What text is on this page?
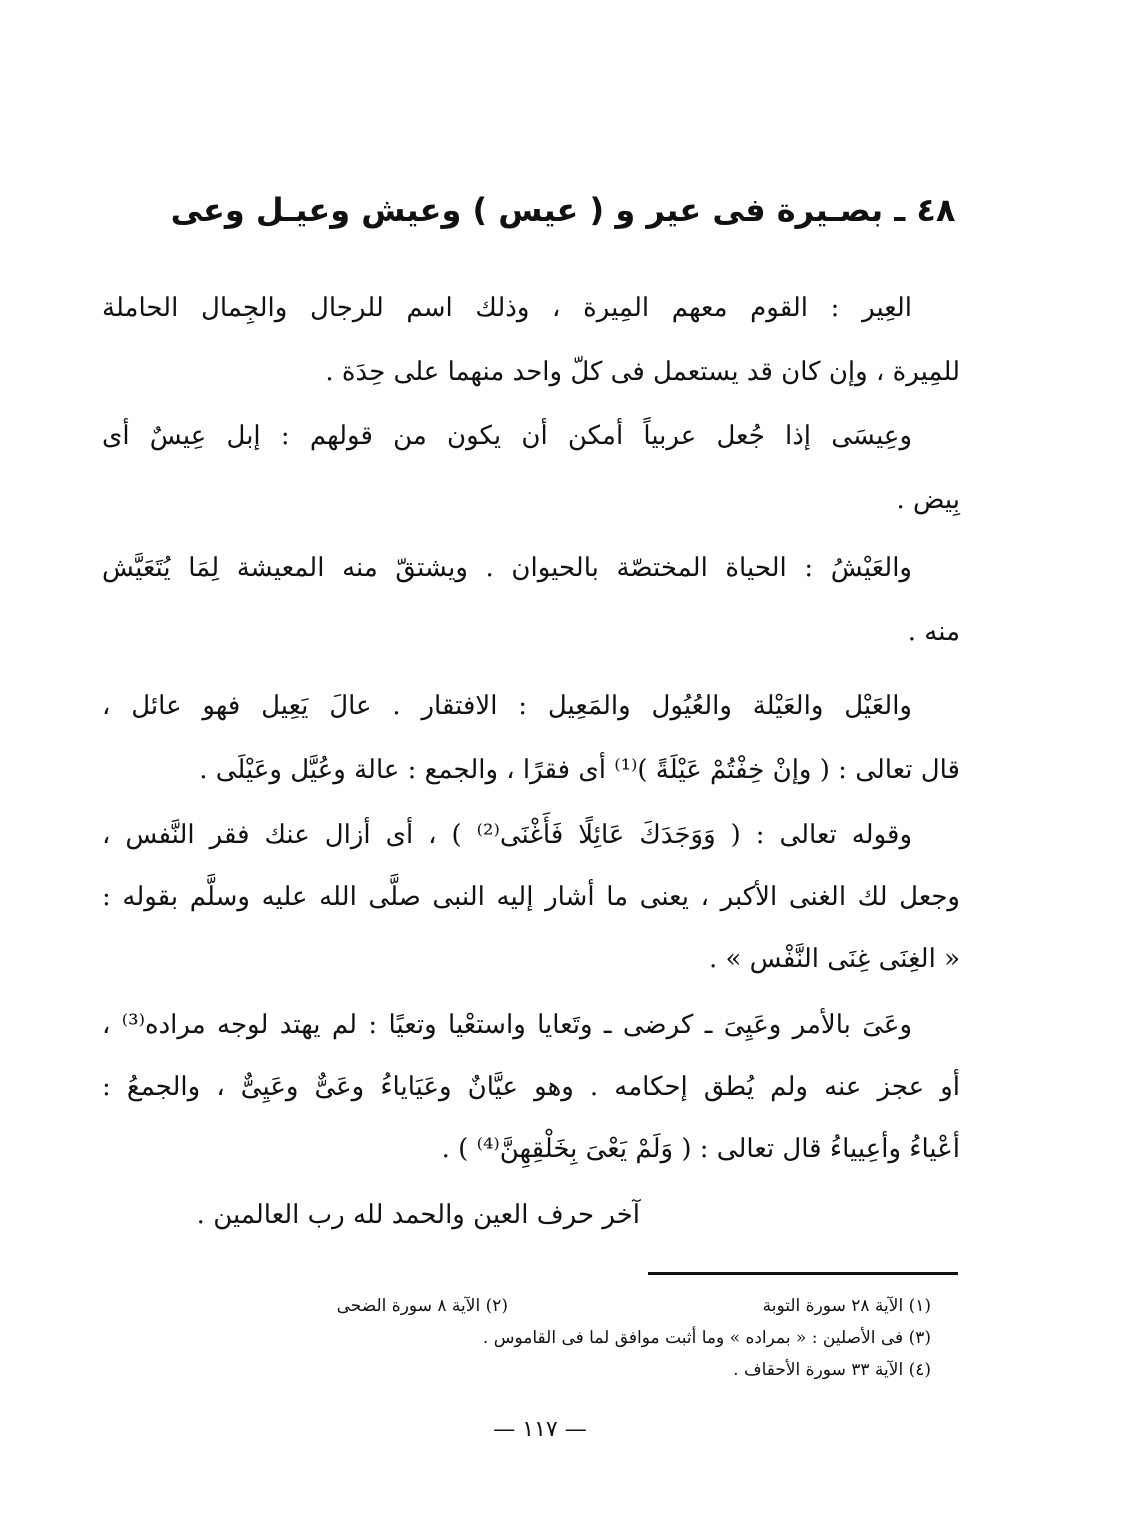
٤٨ ـ بصـيرة فى عير و ( عيس ) وعيش وعيـل وعى
العِير : القوم معهم المِيرة ، وذلك اسم للرجال والجِمال الحاملة
للمِيرة ، وإن كان قد يستعمل فى كلّ واحد منهما على حِدَة .
وعِيسَى إذا جُعل عربياً أمكن أن يكون من قولهم : إبل عِيسٌ أى
بِيض .
والعَيْشُ : الحياة المختصّة بالحيوان . ويشتقّ منه المعيشة لِمَا يُتَعَيَّش
منه .
والعَيْل والعَيْلة والعُيُول والمَعِيل : الافتقار . عالَ يَعِيل فهو عائل ،
قال تعالى : ( وإنْ خِفْتُمْ عَيْلَةً )⁽¹⁾ أى فقرًا ، والجمع : عالة وعُيَّل وعَيْلَى .
وقوله تعالى : ( وَوَجَدَكَ عَائِلًا فَأَغْنَى⁽²⁾ ) ، أى أزال عنك فقر النَّفس ،
وجعل لك الغنى الأكبر ، يعنى ما أشار إليه النبى صلَّى الله عليه وسلَّم بقوله :
« الغِنَى غِنَى النَّفْس » .
وعَىَ بالأمر وعَيِىَ ـ كرضى ـ وتَعايا واستعْيا وتعيًا : لم يهتد لوجه مراده⁽³⁾ ،
أو عجز عنه ولم يُطق إحكامه . وهو عيَّانٌ وعَيَاياءُ وعَىٌّ وعَيِىٌّ ، والجمعُ :
أعْياءُ وأعِيياءُ قال تعالى : ( وَلَمْ يَعْىَ بِخَلْقِهِنَّ⁽⁴⁾ ) .
آخر حرف العين والحمد لله رب العالمين .
(١) الآية ٢٨ سورة التوبة
(٢) الآية ٨ سورة الضحى
(٣) فى الأصلين : « بمراده » وما أثبت موافق لما فى القاموس .
(٤) الآية ٣٣ سورة الأحقاف .
— ١١٧ —
